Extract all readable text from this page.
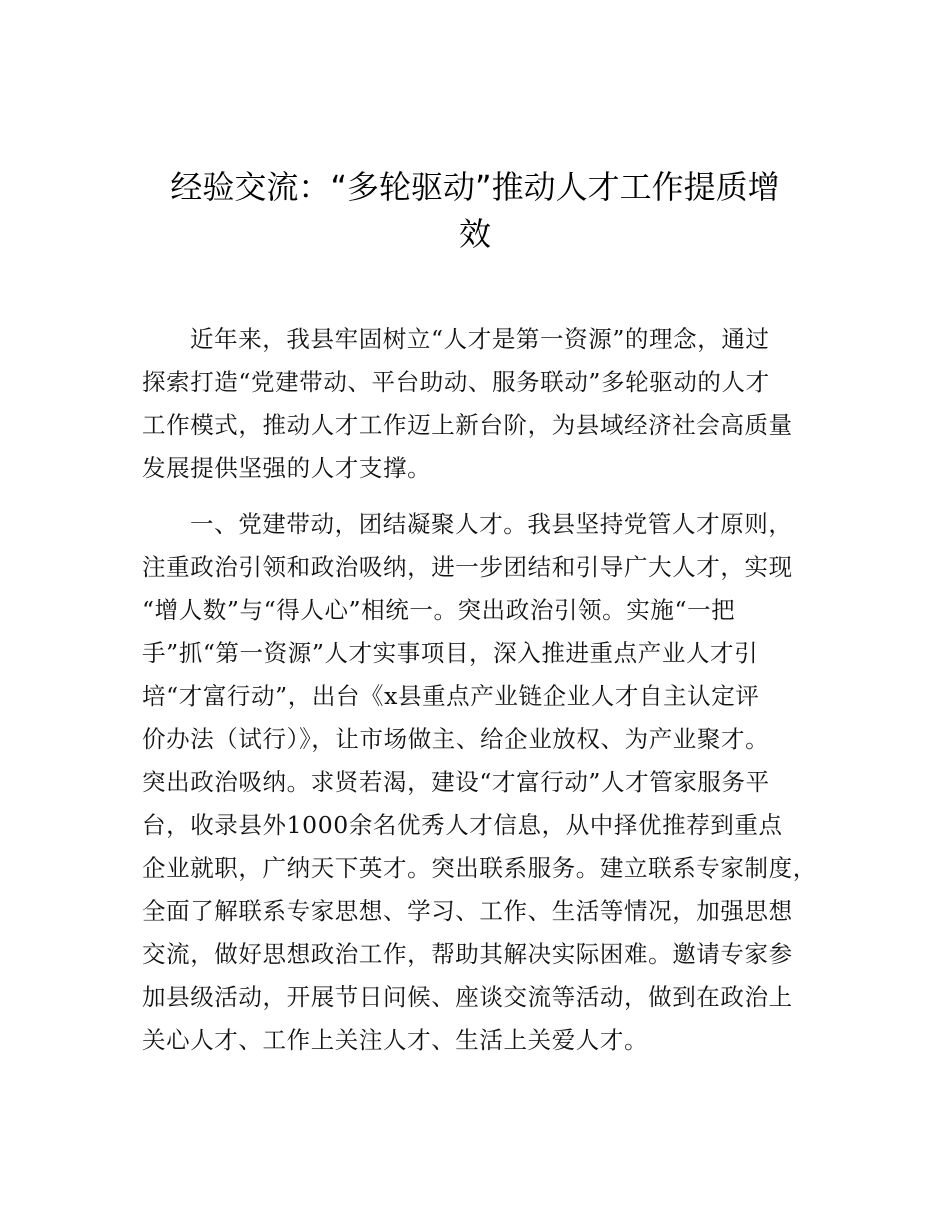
经验交流：“多轮驱动”推动人才工作提质增
效
近年来，我县牢固树立“人才是第一资源”的理念，通过
探索打造“党建带动、平台助动、服务联动”多轮驱动的人才
工作模式，推动人才工作迈上新台阶，为县域经济社会高质量
发展提供坚强的人才支撑。
一、党建带动，团结凝聚人才。我县坚持党管人才原则，
注重政治引领和政治吸纳，进一步团结和引导广大人才，实现
“增人数”与“得人心”相统一。突出政治引领。实施“一把
手”抓“第一资源”人才实事项目，深入推进重点产业人才引
培“才富行动”，出台《x县重点产业链企业人才自主认定评
价办法（试行）》，让市场做主、给企业放权、为产业聚才。
突出政治吸纳。求贤若渴，建设“才富行动”人才管家服务平
台，收录县外1000余名优秀人才信息，从中择优推荐到重点
企业就职，广纳天下英才。突出联系服务。建立联系专家制度，
全面了解联系专家思想、学习、工作、生活等情况，加强思想
交流，做好思想政治工作，帮助其解决实际困难。邀请专家参
加县级活动，开展节日问候、座谈交流等活动，做到在政治上
关心人才、工作上关注人才、生活上关爱人才。
